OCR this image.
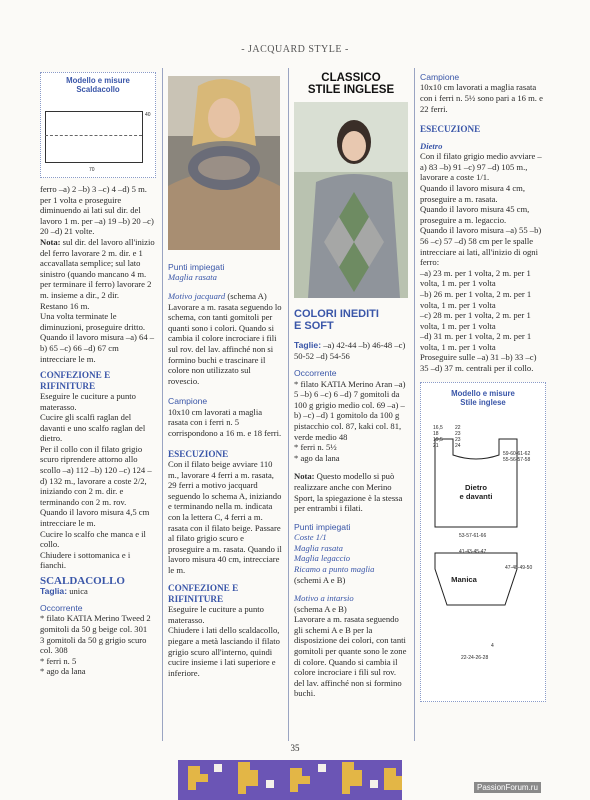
- JACQUARD STYLE -
Modello e misure
Scaldacollo
40
70

ferro –a) 2 –b) 3 –c) 4 –d) 5 m. per 1 volta e proseguire diminuendo ai lati sul dir. del lavoro 1 m. per –a) 19 –b) 20 –c) 20 –d) 21 volte.

Nota: sul dir. del lavoro all'inizio del ferro lavorare 2 m. dir. e 1 accavallata semplice; sul lato sinistro (quando mancano 4 m. per terminare il ferro) lavorare 2 m. insieme a dir., 2 dir.

Restano 16 m.
Una volta terminate le diminuzioni, proseguire dritto.
Quando il lavoro misura –a) 64 –b) 65 –c) 66 –d) 67 cm intrecciare le m.

CONFEZIONE E RIFINITURE

Eseguire le cuciture a punto materasso.
Cucire gli scalfi raglan del davanti e uno scalfo raglan del dietro.
Per il collo con il filato grigio scuro riprendere attorno allo scollo –a) 112 –b) 120 –c) 124 –d) 132 m., lavorare a coste 2/2, iniziando con 2 m. dir. e terminando con 2 m. rov.
Quando il lavoro misura 4,5 cm intrecciare le m.
Cucire lo scalfo che manca e il collo.
Chiudere i sottomanica e i fianchi.

SCALDACOLLO

Taglia: unica

Occorrente

* filato KATIA Merino Tweed 2 gomitoli da 50 g beige col. 301
3 gomitoli da 50 g grigio scuro col. 308
* ferri n. 5
* ago da lana

Punti impiegati

Maglia rasata

Motivo jacquard (schema A)

Lavorare a m. rasata seguendo lo schema, con tanti gomitoli per quanti sono i colori. Quando si cambia il colore incrociare i fili sul rov. del lav. affinché non si formino buchi e trascinare il colore non utilizzato sul rovescio.

Campione

10x10 cm lavorati a maglia rasata con i ferri n. 5 corrispondono a 16 m. e 18 ferri.

ESECUZIONE

Con il filato beige avviare 110 m., lavorare 4 ferri a m. rasata, 29 ferri a motivo jacquard seguendo lo schema A, iniziando e terminando nella m. indicata con la lettera C, 4 ferri a m. rasata con il filato beige. Passare al filato grigio scuro e proseguire a m. rasata. Quando il lavoro misura 40 cm, intrecciare le m.

CONFEZIONE E RIFINITURE

Eseguire le cuciture a punto materasso.
Chiudere i lati dello scaldacollo, piegare a metà lasciando il filato grigio scuro all'interno, quindi cucire insieme i lati superiore e inferiore.

CLASSICO
STILE INGLESE
COLORI INEDITI E SOFT

Taglie: –a) 42-44 –b) 46-48 –c) 50-52 –d) 54-56

Occorrente

* filato KATIA Merino Aran –a) 5 –b) 6 –c) 6 –d) 7 gomitoli da 100 g grigio medio col. 69 –a) –b) –c) –d) 1 gomitolo da 100 g pistacchio col. 87, kaki col. 81, verde medio 48
* ferri n. 5½
* ago da lana

Nota: Questo modello si può realizzare anche con Merino Sport, la spiegazione è la stessa per entrambi i filati.

Punti impiegati

Coste 1/1
Maglia rasata
Maglia legaccio
Ricamo a punto maglia

(schemi A e B)

Motivo a intarsio

(schema A e B)

Lavorare a m. rasata seguendo gli schemi A e B per la disposizione dei colori, con tanti gomitoli per quante sono le zone di colore. Quando si cambia il colore incrociare i fili sul rov. del lav. affinché non si formino buchi.

Campione

10x10 cm lavorati a maglia rasata con i ferri n. 5½ sono pari a 16 m. e 22 ferri.

ESECUZIONE

Dietro

Con il filato grigio medio avviare –a) 83 –b) 91 –c) 97 –d) 105 m., lavorare a coste 1/1.
Quando il lavoro misura 4 cm, proseguire a m. rasata.
Quando il lavoro misura 45 cm, proseguire a m. legaccio.
Quando il lavoro misura –a) 55 –b) 56 –c) 57 –d) 58 cm per le spalle intrecciare ai lati, all'inizio di ogni ferro:
–a) 23 m. per 1 volta, 2 m. per 1 volta, 1 m. per 1 volta
–b) 26 m. per 1 volta, 2 m. per 1 volta, 1 m. per 1 volta
–c) 28 m. per 1 volta, 2 m. per 1 volta, 1 m. per 1 volta
–d) 31 m. per 1 volta, 2 m. per 1 volta, 1 m. per 1 volta
Proseguire sulle –a) 31 –b) 33 –c) 35 –d) 37 m. centrali per il collo.

Modello e misure
Stile inglese
16,5
18
19,5
21
22
23
23
24
59-60-61-62
55-56-57-58
Dietro
e davanti
53-57-61-66
41-43-45-47
47-48-49-50
Manica
4
22-24-26-28
35
PassionForum.ru
